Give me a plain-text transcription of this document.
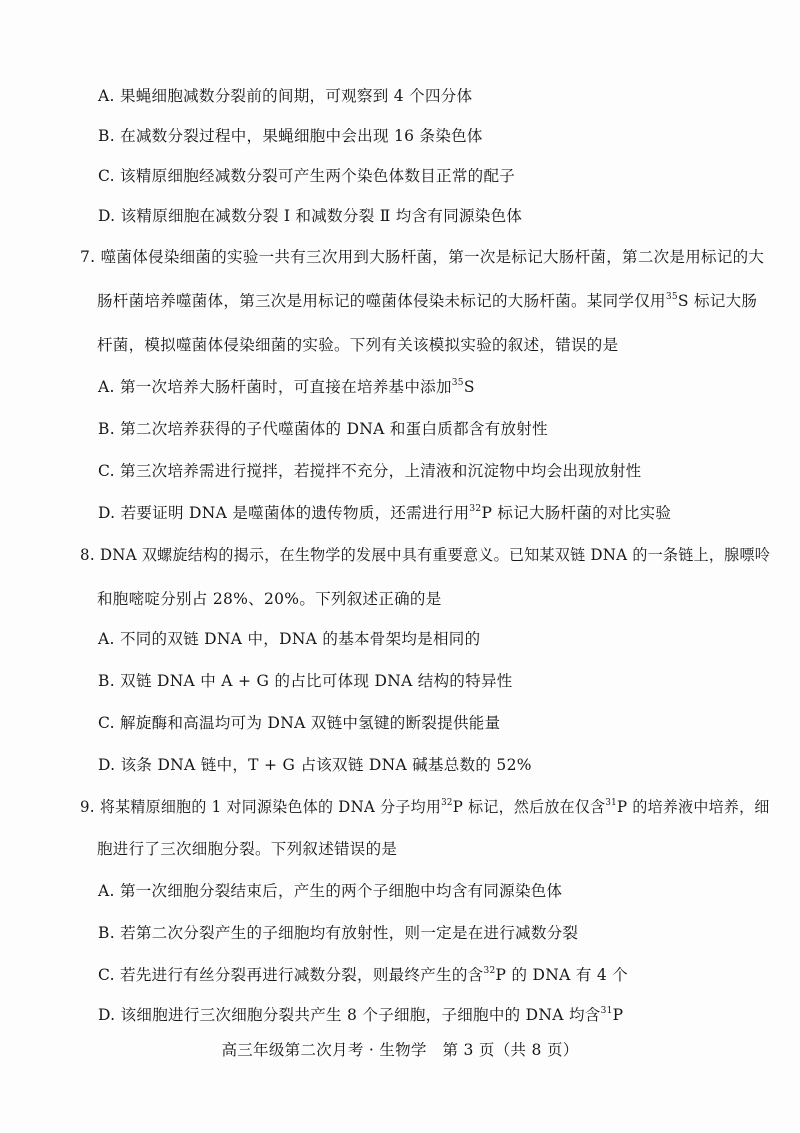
A. 果蝇细胞减数分裂前的间期，可观察到 4 个四分体
B. 在减数分裂过程中，果蝇细胞中会出现 16 条染色体
C. 该精原细胞经减数分裂可产生两个染色体数目正常的配子
D. 该精原细胞在减数分裂 Ⅰ 和减数分裂 Ⅱ 均含有同源染色体
7. 噬菌体侵染细菌的实验一共有三次用到大肠杆菌，第一次是标记大肠杆菌，第二次是用标记的大
肠杆菌培养噬菌体，第三次是用标记的噬菌体侵染未标记的大肠杆菌。某同学仅用$^{35}$S 标记大肠
杆菌，模拟噬菌体侵染细菌的实验。下列有关该模拟实验的叙述，错误的是
A. 第一次培养大肠杆菌时，可直接在培养基中添加$^{35}$S
B. 第二次培养获得的子代噬菌体的 DNA 和蛋白质都含有放射性
C. 第三次培养需进行搅拌，若搅拌不充分，上清液和沉淀物中均会出现放射性
D. 若要证明 DNA 是噬菌体的遗传物质，还需进行用$^{32}$P 标记大肠杆菌的对比实验
8. DNA 双螺旋结构的揭示，在生物学的发展中具有重要意义。已知某双链 DNA 的一条链上，腺嘌呤
和胞嘧啶分别占 28%、20%。下列叙述正确的是
A. 不同的双链 DNA 中，DNA 的基本骨架均是相同的
B. 双链 DNA 中 A + G 的占比可体现 DNA 结构的特异性
C. 解旋酶和高温均可为 DNA 双链中氢键的断裂提供能量
D. 该条 DNA 链中，T + G 占该双链 DNA 碱基总数的 52%
9. 将某精原细胞的 1 对同源染色体的 DNA 分子均用$^{32}$P 标记，然后放在仅含$^{31}$P 的培养液中培养，细
胞进行了三次细胞分裂。下列叙述错误的是
A. 第一次细胞分裂结束后，产生的两个子细胞中均含有同源染色体
B. 若第二次分裂产生的子细胞均有放射性，则一定是在进行减数分裂
C. 若先进行有丝分裂再进行减数分裂，则最终产生的含$^{32}$P 的 DNA 有 4 个
D. 该细胞进行三次细胞分裂共产生 8 个子细胞，子细胞中的 DNA 均含$^{31}$P
高三年级第二次月考 · 生物学　第 3 页（共 8 页）
